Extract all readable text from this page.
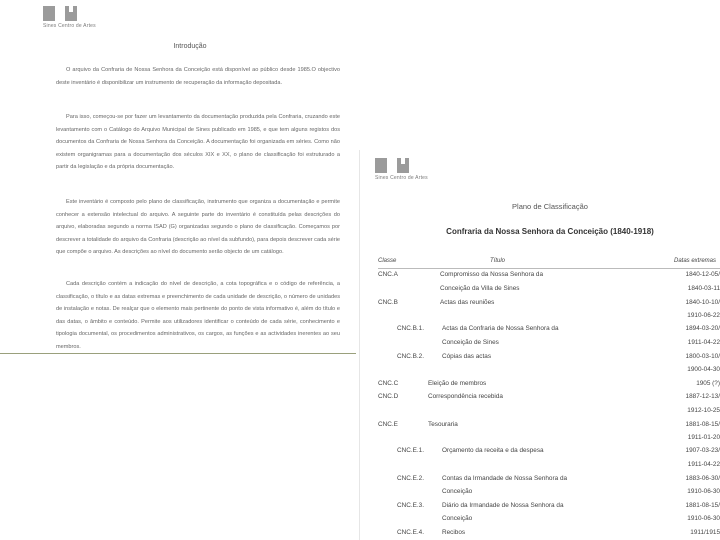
Sines Centro de Artes
Introdução

O arquivo da Confraria de Nossa Senhora da Conceição está disponível ao público desde 1985.O objectivo deste inventário é disponibilizar um instrumento de recuperação da informação depositada.

Para isso, começou-se por fazer um levantamento da documentação produzida pela Confraria, cruzando este levantamento com o Catálogo do Arquivo Municipal de Sines publicado em 1985, e que tem alguns registos dos documentos da Confraria de Nossa Senhora da Conceição. A documentação foi organizada em séries. Como não existem organigramas para a documentação dos séculos XIX e XX, o plano de classificação foi estruturado a partir da legislação e da própria documentação.

Este inventário é composto pelo plano de classificação, instrumento que organiza a documentação e permite conhecer a extensão intelectual do arquivo. A seguinte parte do inventário é constituída pelas descrições do arquivo, elaboradas segundo a norma ISAD (G) organizadas segundo o plano de classificação. Começamos por descrever a totalidade do arquivo da Confraria (descrição ao nível da subfundo), para depois descrever cada série que compõe o arquivo. As descrições ao nível do documento serão objecto de um catálogo.

Cada descrição contém a indicação do nível de descrição, a cota topográfica e o código de referência, a classificação, o título e as datas extremas e preenchimento de cada unidade de descrição, o número de unidades de instalação e notas. De realçar que o elemento mais pertinente do ponto de vista informativo é, além do título e das datas, o âmbito e conteúdo. Permite aos utilizadores identificar o conteúdo de cada série, conhecimento e tipologia documental, os procedimentos administrativos, os cargos, as funções e as actividades inerentes ao seu membros.

Sines Centro de Artes
Plano de Classificação
Confraria da Nossa Senhora da Conceição (1840-1918)
Classe	Título	Datas extremas
CNC.A	Compromisso da Nossa Senhora da	1840-12-05/
Conceição da Villa de Sines	1840-03-11
CNC.B	Actas das reuniões	1840-10-10/
1910-06-22
CNC.B.1.	Actas da Confraria de Nossa Senhora da	1894-03-20/
Conceição de Sines	1911-04-22
CNC.B.2.	Cópias das actas	1800-03-10/
1900-04-30
CNC.C	Eleição de membros	1905 (?)
CNC.D	Correspondência recebida	1887-12-13/
1912-10-25
CNC.E	Tesouraria	1881-08-15/
1911-01-20
CNC.E.1.	Orçamento da receita e da despesa	1907-03-23/
1911-04-22
CNC.E.2.	Contas da Irmandade de Nossa Senhora da	1883-06-30/
Conceição	1910-06-30
CNC.E.3.	Diário da Irmandade de Nossa Senhora da	1881-08-15/
Conceição	1910-06-30
CNC.E.4.	Recibos	1911/1915
